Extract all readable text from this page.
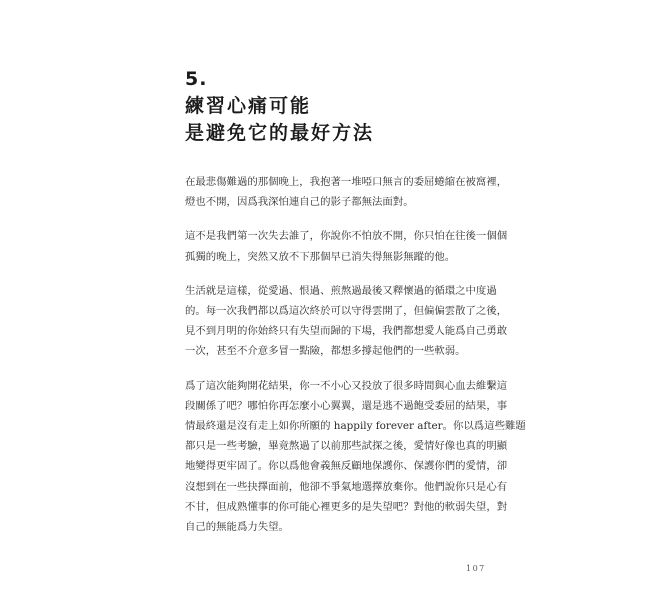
5.
練習心痛可能
是避免它的最好方法

在最悲傷難過的那個晚上，我抱著一堆啞口無言的委屈蜷縮在被窩裡，
燈也不開，因爲我深怕連自己的影子都無法面對。

這不是我們第一次失去誰了，你說你不怕放不開，你只怕在往後一個個
孤獨的晚上，突然又放不下那個早已消失得無影無蹤的他。

生活就是這樣，從愛過、恨過、煎熬過最後又釋懷過的循環之中度過
的。每一次我們都以爲這次終於可以守得雲開了，但偏偏雲散了之後，
見不到月明的你始終只有失望而歸的下場，我們都想愛人能爲自己勇敢
一次，甚至不介意多冒一點險，都想多撐起他們的一些軟弱。

爲了這次能夠開花結果，你一不小心又投放了很多時間與心血去維繫這
段關係了吧？哪怕你再怎麼小心翼翼，還是逃不過飽受委屈的結果，事
情最終還是沒有走上如你所願的 happily forever after。你以爲這些難題
都只是一些考驗，畢竟熬過了以前那些試探之後，愛情好像也真的明顯
地變得更牢固了。你以爲他會義無反顧地保護你、保護你們的愛情，卻
沒想到在一些抉擇面前，他卻不爭氣地選擇放棄你。他們說你只是心有
不甘，但成熟懂事的你可能心裡更多的是失望吧？對他的軟弱失望，對
自己的無能爲力失望。

107
